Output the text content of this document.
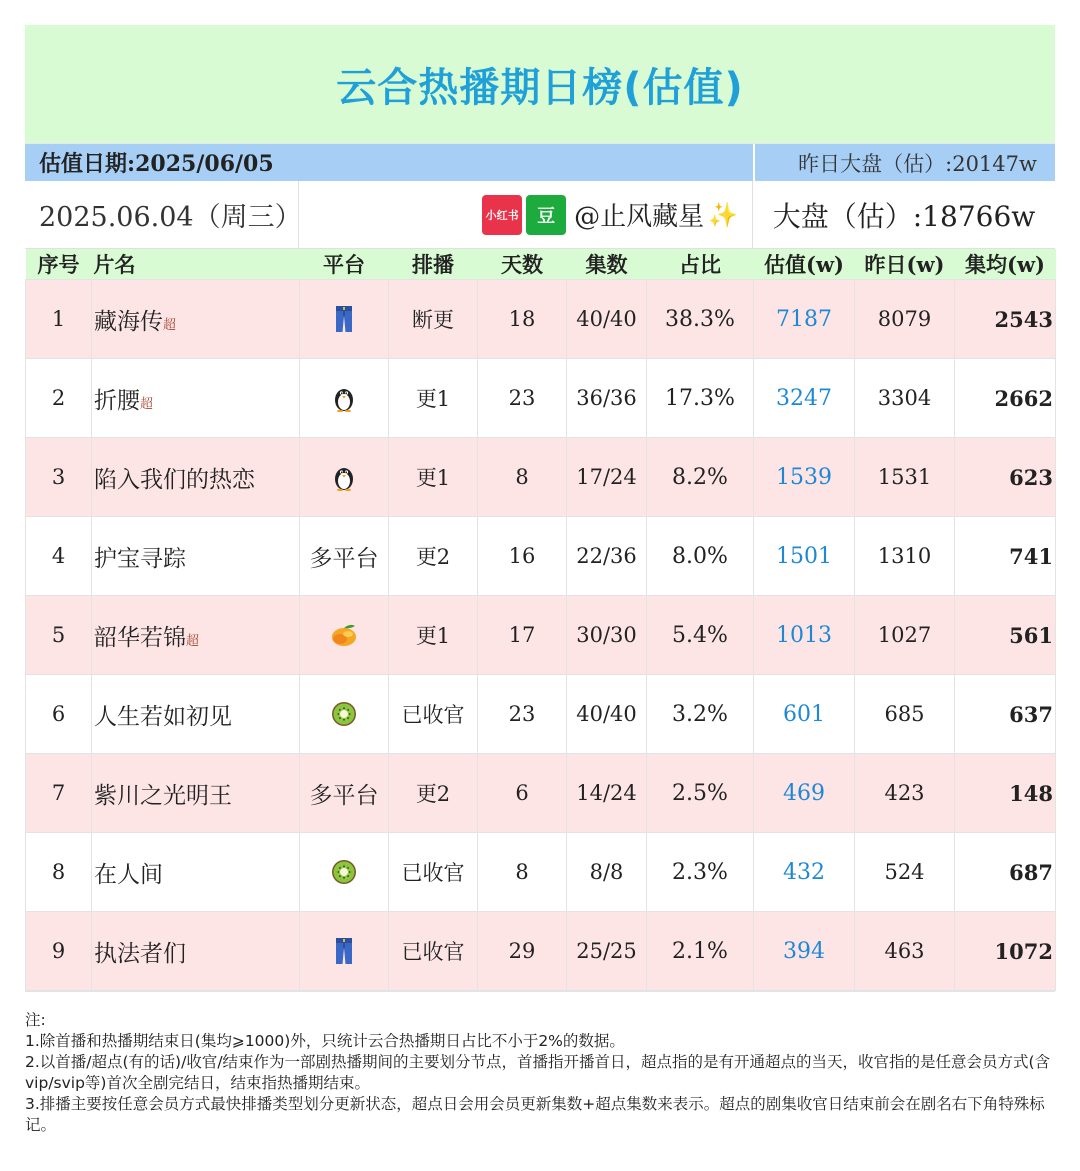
云合热播期日榜(估值)
估值日期:2025/06/05	昨日大盘（估）:20147w
2025.06.04（周三）	小红书	豆 @止风藏星 ✨	大盘（估）:18766w
序号	片名	平台	排播	天数	集数	占比	估值(w)	昨日(w)	集均(w)
1	藏海传超		断更	18	40/40	38.3%	7187	8079	2543
2	折腰超		更1	23	36/36	17.3%	3247	3304	2662
3	陷入我们的热恋		更1	8	17/24	8.2%	1539	1531	623
4	护宝寻踪	多平台	更2	16	22/36	8.0%	1501	1310	741
5	韶华若锦超		更1	17	30/30	5.4%	1013	1027	561
6	人生若如初见		已收官	23	40/40	3.2%	601	685	637
7	紫川之光明王	多平台	更2	6	14/24	2.5%	469	423	148
8	在人间		已收官	8	8/8	2.3%	432	524	687
9	执法者们		已收官	29	25/25	2.1%	394	463	1072
注:
1.除首播和热播期结束日(集均⩾1000)外，只统计云合热播期日占比不小于2%的数据。
2.以首播/超点(有的话)/收官/结束作为一部剧热播期间的主要划分节点，首播指开播首日，超点指的是有开通超点的当天，收官指的是任意会员方式(含vip/svip等)首次全剧完结日，结束指热播期结束。
3.排播主要按任意会员方式最快排播类型划分更新状态，超点日会用会员更新集数+超点集数来表示。超点的剧集收官日结束前会在剧名右下角特殊标记。
